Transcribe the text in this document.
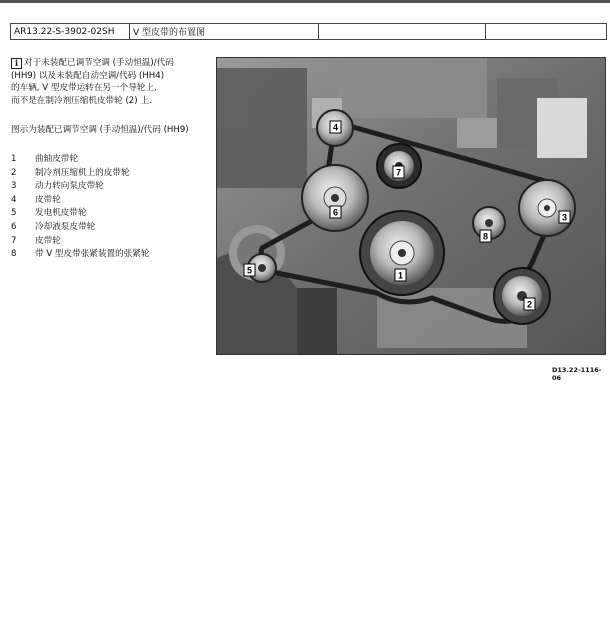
AR13.22-S-3902-02SH	V 型皮带的布置图		
i 对于未装配已调节空调 (手动恒温)/代码
(HH9) 以及未装配自动空调/代码 (HH4)
的车辆, V 型皮带运转在另一个导轮上,
而不是在制冷剂压缩机皮带轮 (2) 上.
图示为装配已调节空调 (手动恒温)/代码 (HH9)
1	曲轴皮带轮
2	制冷剂压缩机上的皮带轮
3	动力转向泵皮带轮
4	皮带轮
5	发电机皮带轮
6	冷却液泵皮带轮
7	皮带轮
8	带 V 型皮带张紧装置的张紧轮
4
7
6	3
8
1
2
5
D13.22-1116-06
